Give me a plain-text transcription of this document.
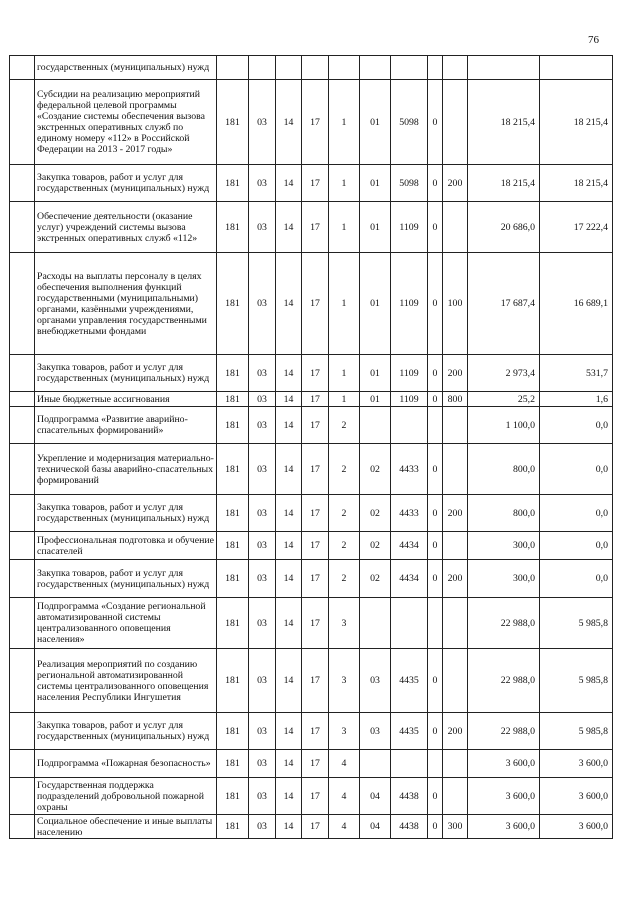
76
	государственных (муниципальных) нужд											
	Субсидии на реализацию мероприятий федеральной целевой программы «Создание системы обеспечения вызова экстренных оперативных служб по единому номеру «112» в Российской Федерации на 2013 - 2017 годы»	181	03	14	17	1	01	5098	0		18 215,4	18 215,4
	Закупка товаров, работ и услуг для государственных (муниципальных) нужд	181	03	14	17	1	01	5098	0	200	18 215,4	18 215,4
	Обеспечение деятельности (оказание услуг) учреждений системы вызова экстренных оперативных служб «112»	181	03	14	17	1	01	1109	0		20 686,0	17 222,4
	Расходы на выплаты персоналу в целях обеспечения выполнения функций государственными (муниципальными) органами, казёнными учреждениями, органами управления государственными внебюджетными фондами	181	03	14	17	1	01	1109	0	100	17 687,4	16 689,1
	Закупка товаров, работ и услуг для государственных (муниципальных) нужд	181	03	14	17	1	01	1109	0	200	2 973,4	531,7
	Иные бюджетные ассигнования	181	03	14	17	1	01	1109	0	800	25,2	1,6
	Подпрограмма «Развитие аварийно-спасательных формирований»	181	03	14	17	2					1 100,0	0,0
	Укрепление и модернизация материально-технической базы аварийно-спасательных формирований	181	03	14	17	2	02	4433	0		800,0	0,0
	Закупка товаров, работ и услуг для государственных (муниципальных) нужд	181	03	14	17	2	02	4433	0	200	800,0	0,0
	Профессиональная подготовка и обучение спасателей	181	03	14	17	2	02	4434	0		300,0	0,0
	Закупка товаров, работ и услуг для государственных (муниципальных) нужд	181	03	14	17	2	02	4434	0	200	300,0	0,0
	Подпрограмма «Создание региональной автоматизированной системы централизованного оповещения населения»	181	03	14	17	3					22 988,0	5 985,8
	Реализация мероприятий по созданию региональной автоматизированной системы централизованного оповещения населения Республики Ингушетия	181	03	14	17	3	03	4435	0		22 988,0	5 985,8
	Закупка товаров, работ и услуг для государственных (муниципальных) нужд	181	03	14	17	3	03	4435	0	200	22 988,0	5 985,8
	Подпрограмма «Пожарная безопасность»	181	03	14	17	4					3 600,0	3 600,0
	Государственная поддержка подразделений добровольной пожарной охраны	181	03	14	17	4	04	4438	0		3 600,0	3 600,0
	Социальное обеспечение и иные выплаты населению	181	03	14	17	4	04	4438	0	300	3 600,0	3 600,0
